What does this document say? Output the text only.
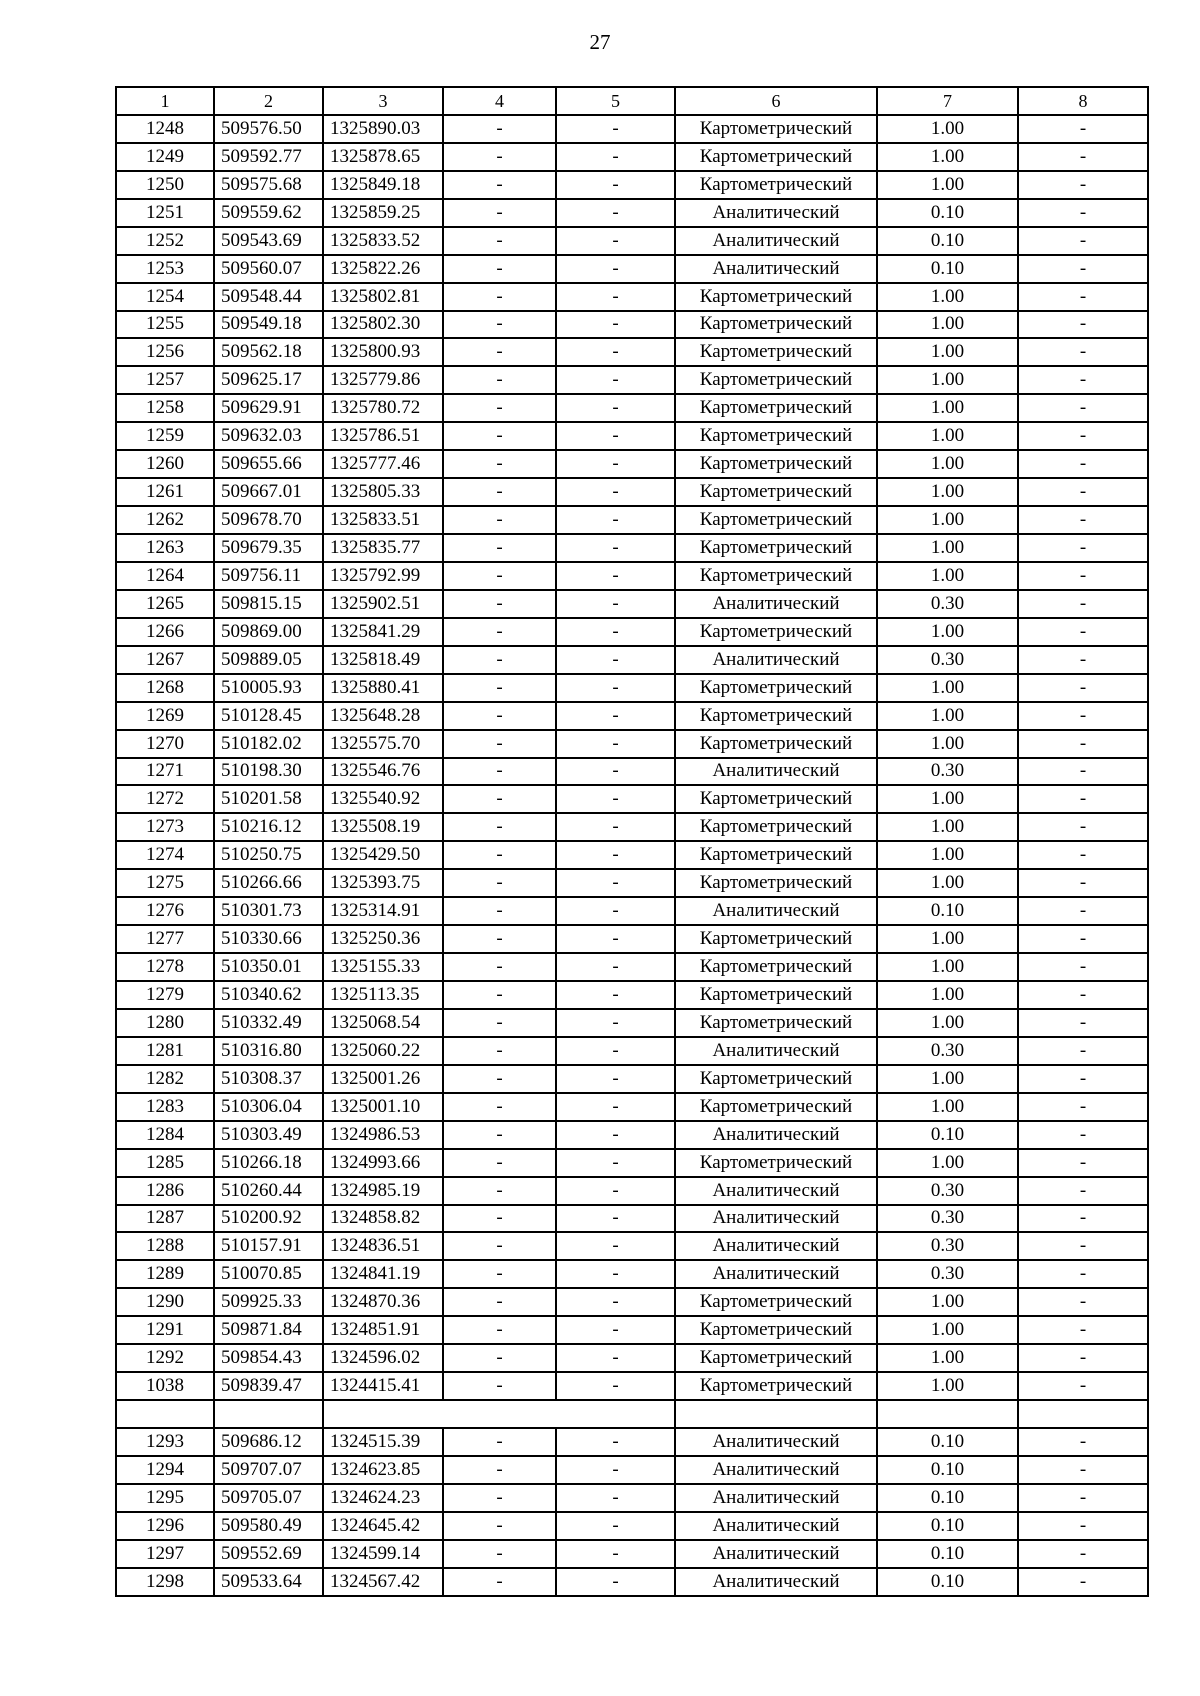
27
1	2	3	4	5	6	7	8
1248	509576.50	1325890.03	-	-	Картометрический	1.00	-
1249	509592.77	1325878.65	-	-	Картометрический	1.00	-
1250	509575.68	1325849.18	-	-	Картометрический	1.00	-
1251	509559.62	1325859.25	-	-	Аналитический	0.10	-
1252	509543.69	1325833.52	-	-	Аналитический	0.10	-
1253	509560.07	1325822.26	-	-	Аналитический	0.10	-
1254	509548.44	1325802.81	-	-	Картометрический	1.00	-
1255	509549.18	1325802.30	-	-	Картометрический	1.00	-
1256	509562.18	1325800.93	-	-	Картометрический	1.00	-
1257	509625.17	1325779.86	-	-	Картометрический	1.00	-
1258	509629.91	1325780.72	-	-	Картометрический	1.00	-
1259	509632.03	1325786.51	-	-	Картометрический	1.00	-
1260	509655.66	1325777.46	-	-	Картометрический	1.00	-
1261	509667.01	1325805.33	-	-	Картометрический	1.00	-
1262	509678.70	1325833.51	-	-	Картометрический	1.00	-
1263	509679.35	1325835.77	-	-	Картометрический	1.00	-
1264	509756.11	1325792.99	-	-	Картометрический	1.00	-
1265	509815.15	1325902.51	-	-	Аналитический	0.30	-
1266	509869.00	1325841.29	-	-	Картометрический	1.00	-
1267	509889.05	1325818.49	-	-	Аналитический	0.30	-
1268	510005.93	1325880.41	-	-	Картометрический	1.00	-
1269	510128.45	1325648.28	-	-	Картометрический	1.00	-
1270	510182.02	1325575.70	-	-	Картометрический	1.00	-
1271	510198.30	1325546.76	-	-	Аналитический	0.30	-
1272	510201.58	1325540.92	-	-	Картометрический	1.00	-
1273	510216.12	1325508.19	-	-	Картометрический	1.00	-
1274	510250.75	1325429.50	-	-	Картометрический	1.00	-
1275	510266.66	1325393.75	-	-	Картометрический	1.00	-
1276	510301.73	1325314.91	-	-	Аналитический	0.10	-
1277	510330.66	1325250.36	-	-	Картометрический	1.00	-
1278	510350.01	1325155.33	-	-	Картометрический	1.00	-
1279	510340.62	1325113.35	-	-	Картометрический	1.00	-
1280	510332.49	1325068.54	-	-	Картометрический	1.00	-
1281	510316.80	1325060.22	-	-	Аналитический	0.30	-
1282	510308.37	1325001.26	-	-	Картометрический	1.00	-
1283	510306.04	1325001.10	-	-	Картометрический	1.00	-
1284	510303.49	1324986.53	-	-	Аналитический	0.10	-
1285	510266.18	1324993.66	-	-	Картометрический	1.00	-
1286	510260.44	1324985.19	-	-	Аналитический	0.30	-
1287	510200.92	1324858.82	-	-	Аналитический	0.30	-
1288	510157.91	1324836.51	-	-	Аналитический	0.30	-
1289	510070.85	1324841.19	-	-	Аналитический	0.30	-
1290	509925.33	1324870.36	-	-	Картометрический	1.00	-
1291	509871.84	1324851.91	-	-	Картометрический	1.00	-
1292	509854.43	1324596.02	-	-	Картометрический	1.00	-
1038	509839.47	1324415.41	-	-	Картометрический	1.00	-

1293	509686.12	1324515.39	-	-	Аналитический	0.10	-
1294	509707.07	1324623.85	-	-	Аналитический	0.10	-
1295	509705.07	1324624.23	-	-	Аналитический	0.10	-
1296	509580.49	1324645.42	-	-	Аналитический	0.10	-
1297	509552.69	1324599.14	-	-	Аналитический	0.10	-
1298	509533.64	1324567.42	-	-	Аналитический	0.10	-
